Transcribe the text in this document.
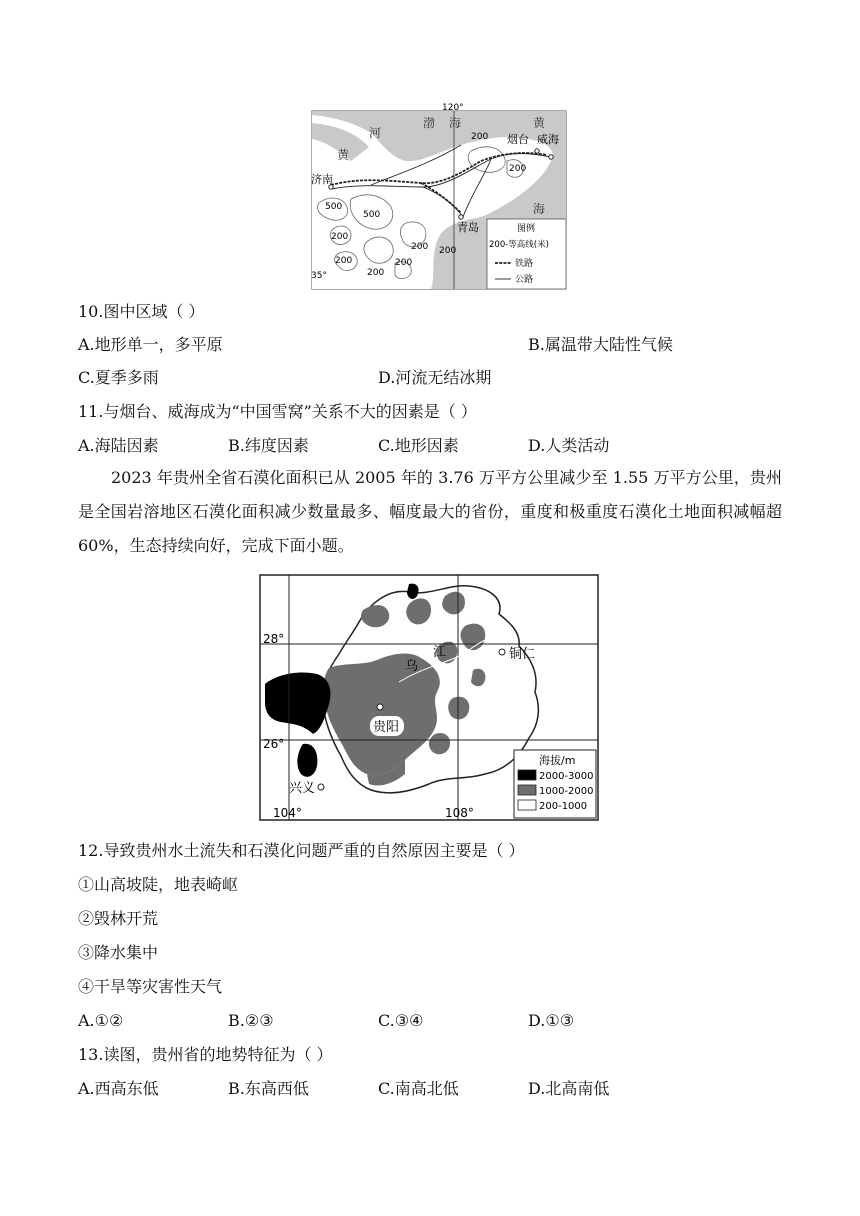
120°
35°
渤 海
河
黄
黄
海 海
济南
烟台 威海
青岛
200
200
500
500
200
200
200
200
200 200
图例
200-等高线(米)
铁路
公路
10.图中区域（ ）
A.地形单一，多平原	B.属温带大陆性气候
C.夏季多雨	D.河流无结冰期
11.与烟台、威海成为“中国雪窝”关系不大的因素是（ ）
A.海陆因素	B.纬度因素	C.地形因素	D.人类活动
2023 年贵州全省石漠化面积已从 2005 年的 3.76 万平方公里减少至 1.55 万平方公里，贵州是全国岩溶地区石漠化面积减少数量最多、幅度最大的省份，重度和极重度石漠化土地面积减幅超 60%，生态持续向好，完成下面小题。
28°
26°
104°	108°
贵阳
铜仁
兴义
乌
江
海拔/m
2000-3000
1000-2000
200-1000
12.导致贵州水土流失和石漠化问题严重的自然原因主要是（ ）
①山高坡陡，地表崎岖
②毁林开荒
③降水集中
④干旱等灾害性天气
A.①②	B.②③	C.③④	D.①③
13.读图，贵州省的地势特征为（ ）
A.西高东低	B.东高西低	C.南高北低	D.北高南低
